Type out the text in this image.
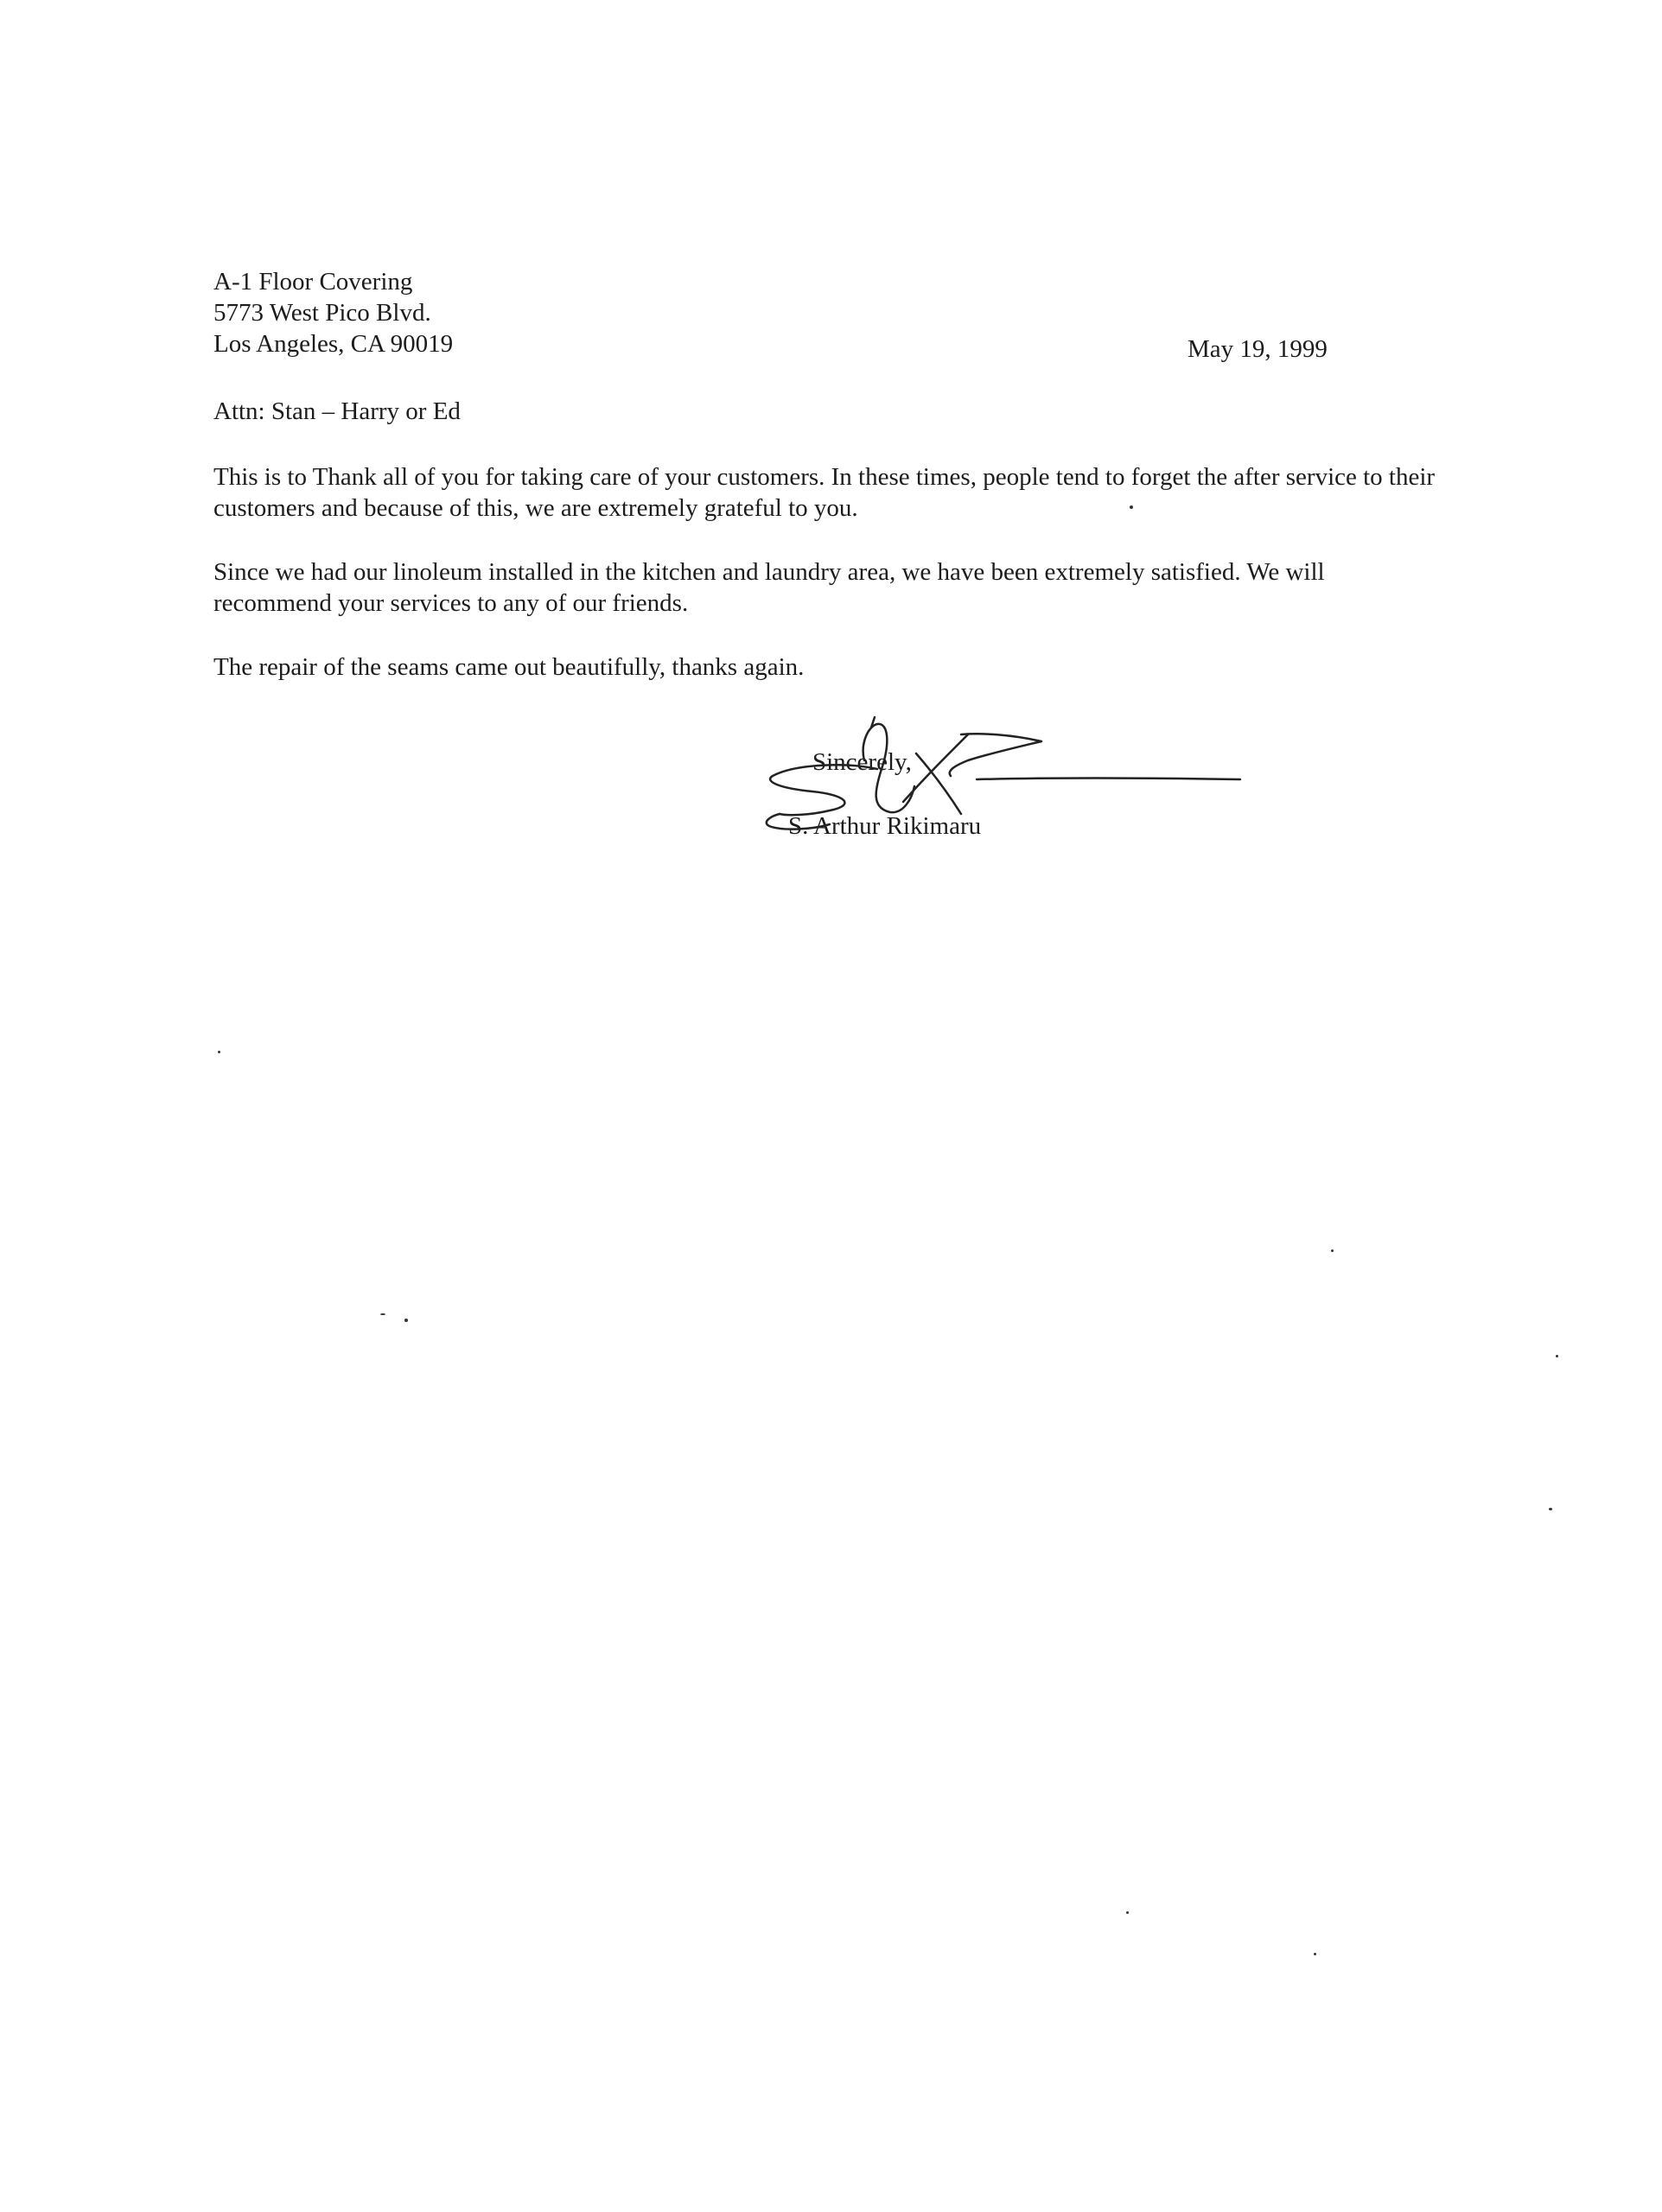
A-1 Floor Covering
5773 West Pico Blvd.
Los Angeles, CA 90019	May 19, 1999
Attn: Stan – Harry or Ed
This is to Thank all of you for taking care of your customers. In these times, people tend to forget the after service to their customers and because of this, we are extremely grateful to you.
Since we had our linoleum installed in the kitchen and laundry area, we have been extremely satisfied. We will recommend your services to any of our friends.
The repair of the seams came out beautifully, thanks again.
Sincerely,
S. Arthur Rikimaru
